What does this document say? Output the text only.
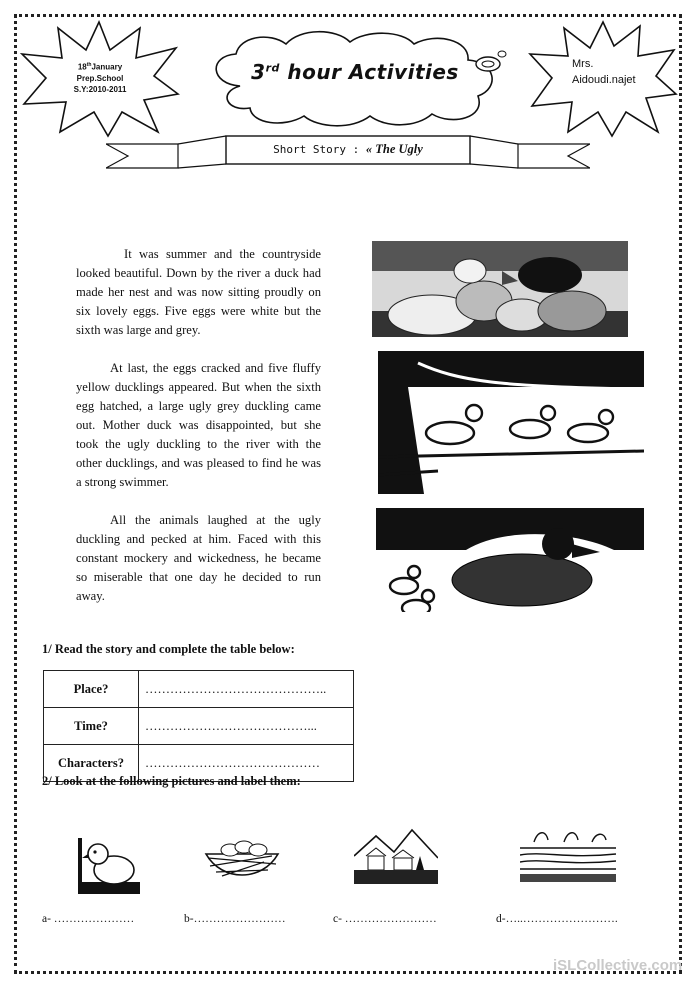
18thJanuary
Prep.School
S.Y:2010-2011
3rd hour Activities	Mrs.
Aidoudi.najet
Short Story : « The Ugly

It was summer and the countryside looked beautiful. Down by the river a duck had made her nest and was now sitting proudly on six lovely eggs. Five eggs were white but the sixth was large and grey.

At last, the eggs cracked and five fluffy yellow ducklings appeared. But when the sixth egg hatched, a large ugly grey duckling came out. Mother duck was disappointed, but she took the ugly duckling to the river with the other ducklings, and was pleased to find he was a strong swimmer.

All the animals laughed at the ugly duckling and pecked at him. Faced with this constant mockery and wickedness, he became so miserable that one day he decided to run away.

1/ Read the story and complete the table below:
Place?	……………………………………..
Time?	…………………………………...
Characters?	……………………………………
2/ Look at the following pictures and label them:
a- …………………	b-……………………	c- ……………………	d-…..…………………….
iSLCollective.com
